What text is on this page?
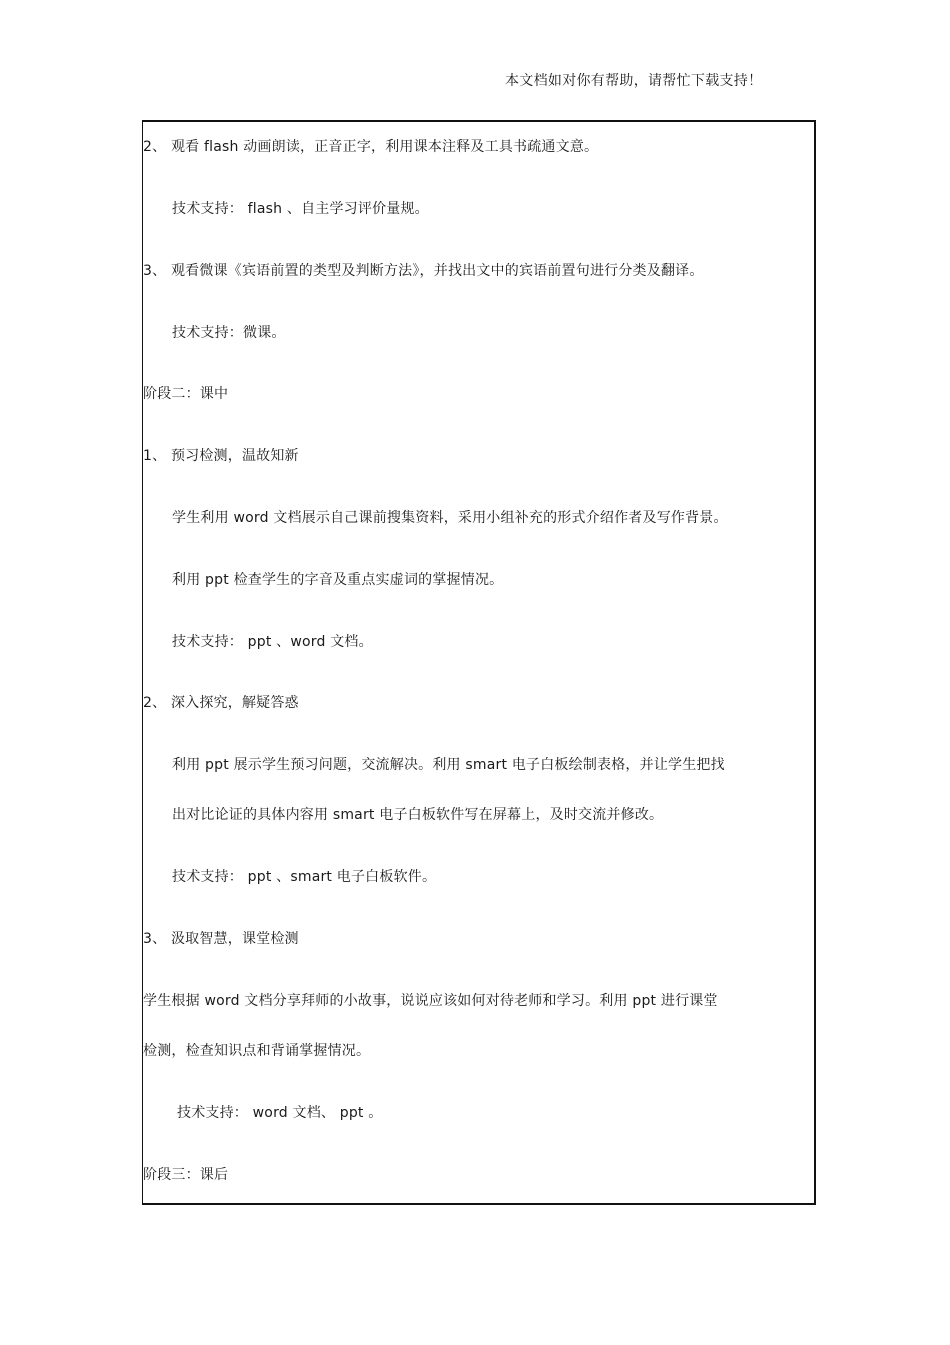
本文档如对你有帮助，请帮忙下载支持！
2、 观看 flash 动画朗读，正音正字，利用课本注释及工具书疏通文意。
技术支持： flash 、自主学习评价量规。
3、 观看微课《宾语前置的类型及判断方法》，并找出文中的宾语前置句进行分类及翻译。
技术支持：微课。
阶段二：课中
1、 预习检测，温故知新
学生利用 word 文档展示自己课前搜集资料，采用小组补充的形式介绍作者及写作背景。
利用 ppt 检查学生的字音及重点实虚词的掌握情况。
技术支持： ppt 、word 文档。
2、 深入探究，解疑答惑
利用 ppt 展示学生预习问题，交流解决。利用 smart 电子白板绘制表格，并让学生把找
出对比论证的具体内容用 smart 电子白板软件写在屏幕上，及时交流并修改。
技术支持： ppt 、smart 电子白板软件。
3、 汲取智慧，课堂检测
学生根据 word 文档分享拜师的小故事，说说应该如何对待老师和学习。利用 ppt 进行课堂
检测，检查知识点和背诵掌握情况。
技术支持： word 文档、 ppt 。
阶段三：课后
